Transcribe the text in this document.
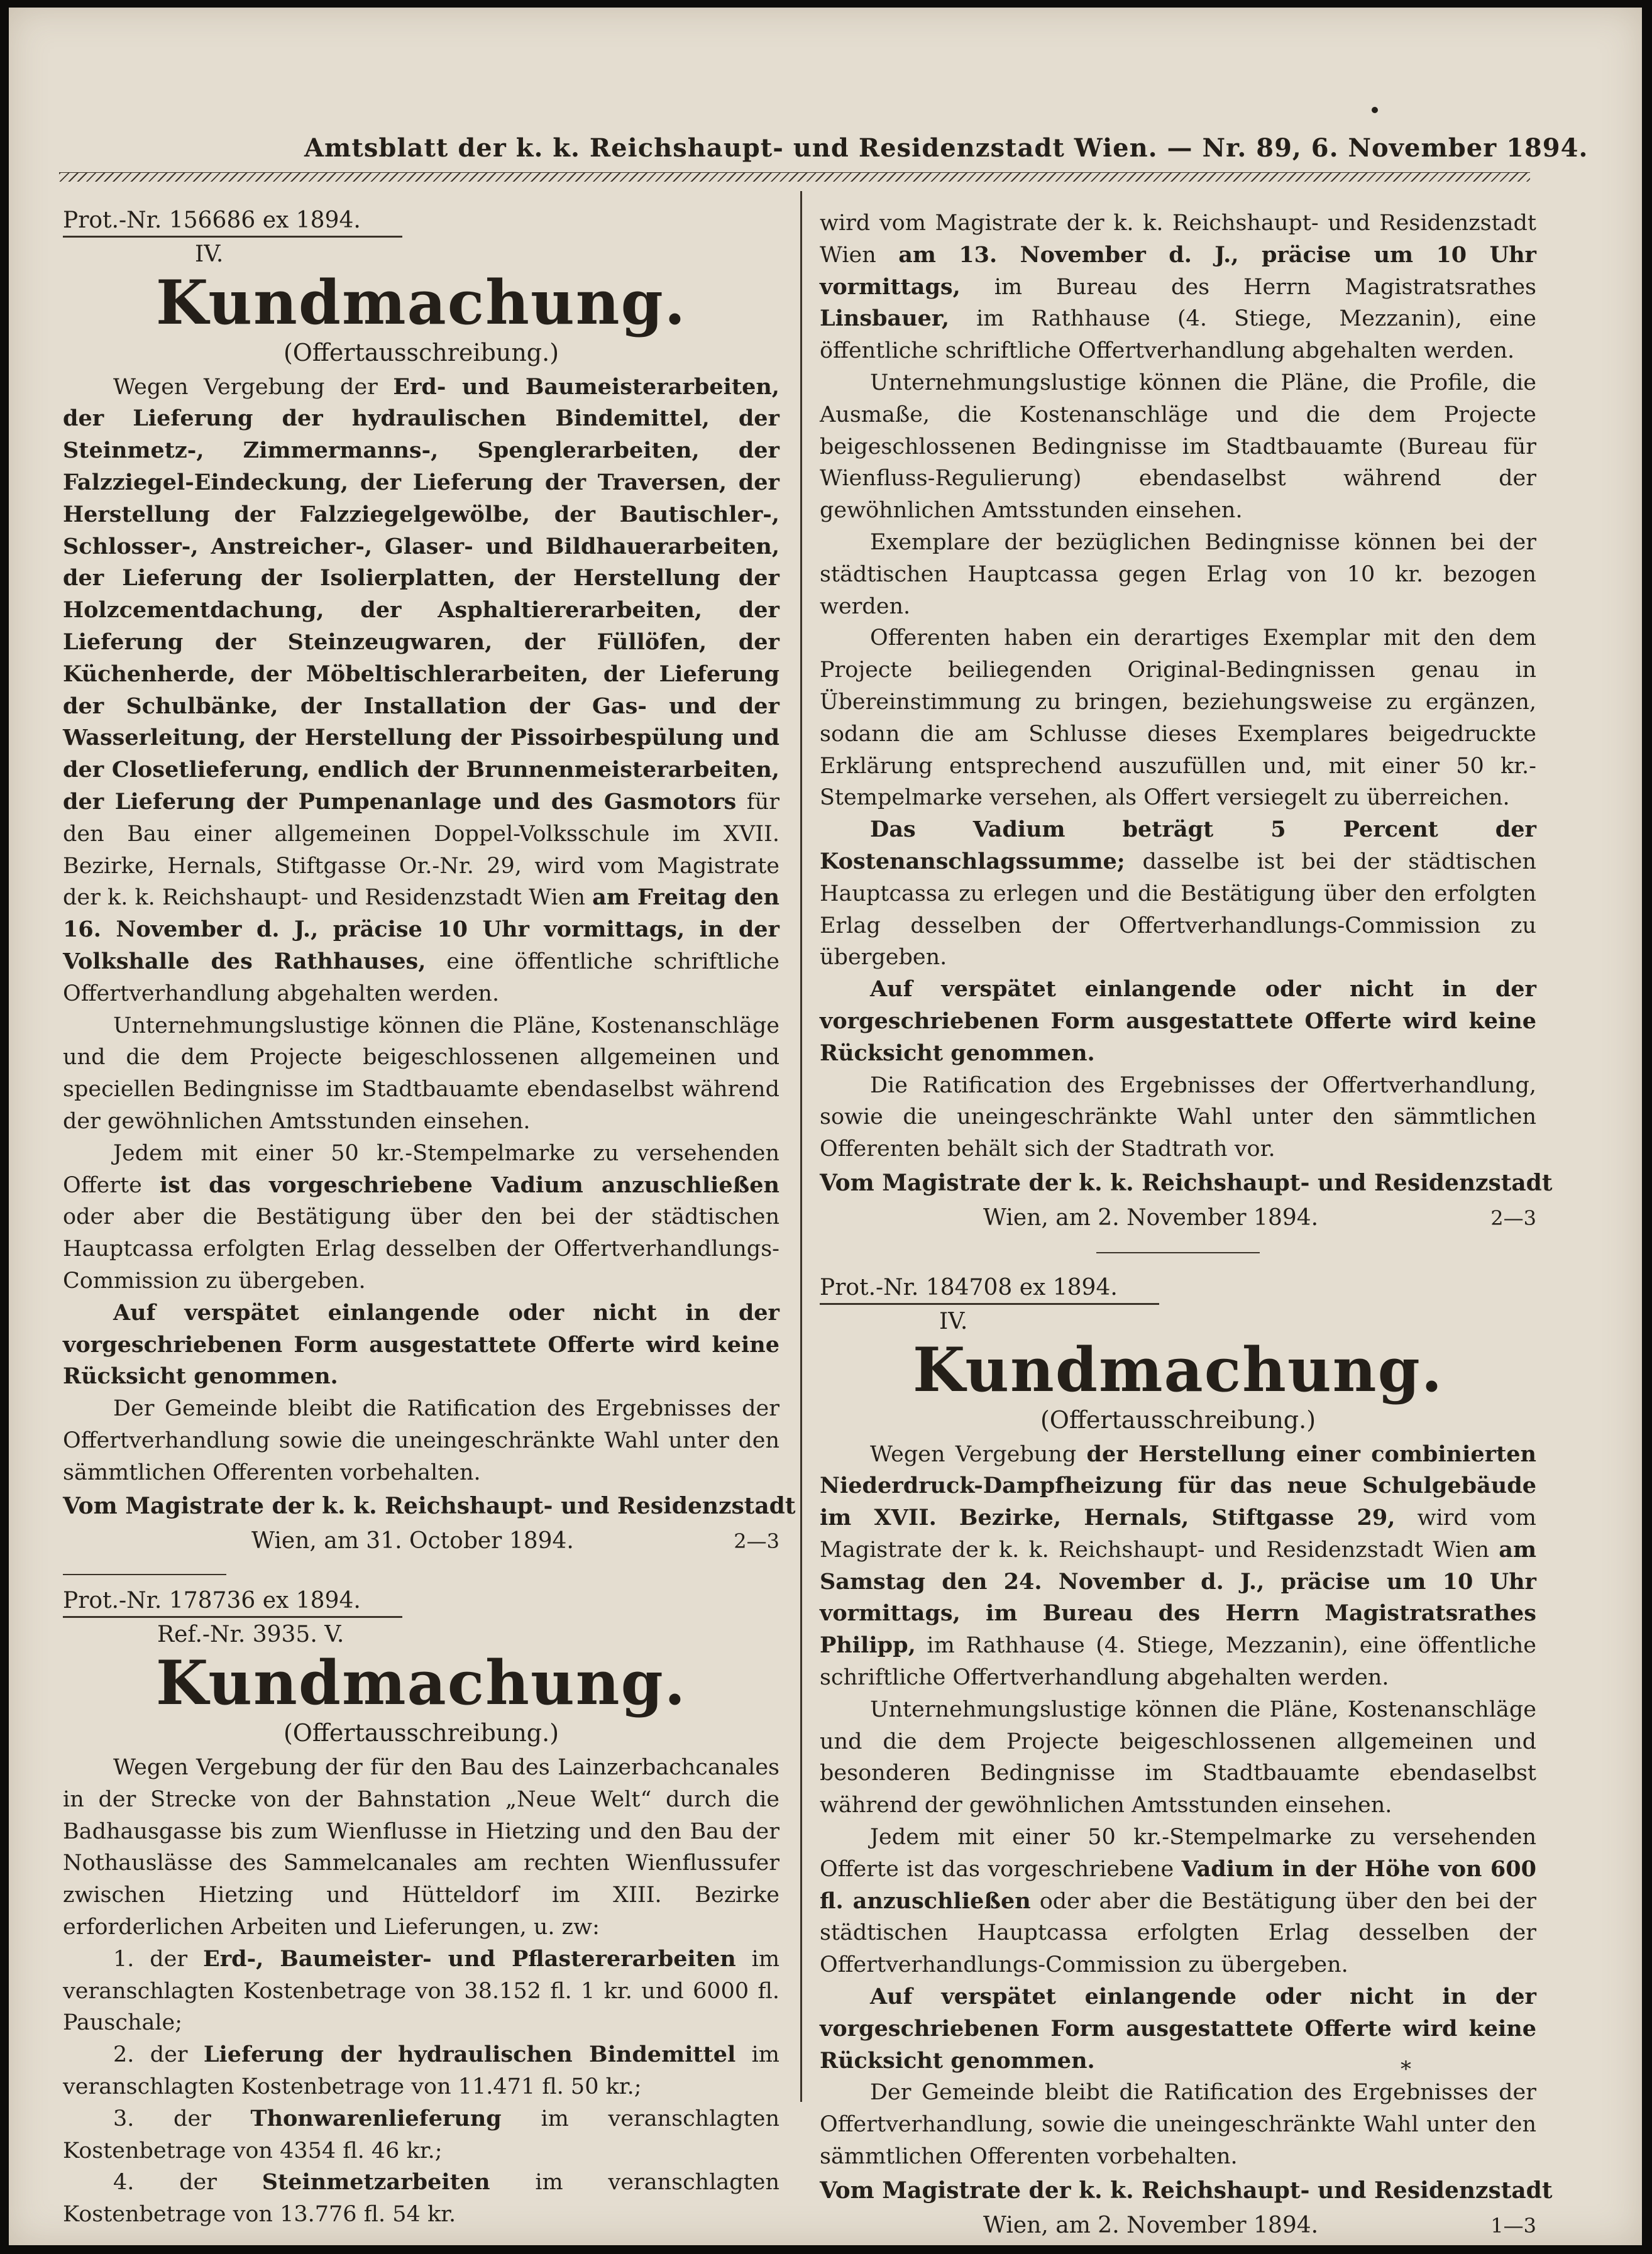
Amtsblatt der k. k. Reichshaupt- und Residenzstadt Wien. — Nr. 89, 6. November 1894.
Prot.-Nr. 156686 ex 1894.
IV.
Kundmachung.
(Offertausschreibung.)

Wegen Vergebung der Erd- und Baumeisterarbeiten, der Lieferung der hydraulischen Bindemittel, der Steinmetz-, Zimmermanns-, Spenglerarbeiten, der Falzziegel-Eindeckung, der Lieferung der Traversen, der Herstellung der Falzziegelgewölbe, der Bautischler-, Schlosser-, Anstreicher-, Glaser- und Bildhauerarbeiten, der Lieferung der Isolierplatten, der Herstellung der Holzcementdachung, der Asphaltiererarbeiten, der Lieferung der Steinzeugwaren, der Füllöfen, der Küchenherde, der Möbeltischlerarbeiten, der Lieferung der Schulbänke, der Installation der Gas- und der Wasserleitung, der Herstellung der Pissoirbespülung und der Closetlieferung, endlich der Brunnenmeisterarbeiten, der Lieferung der Pumpenanlage und des Gasmotors für den Bau einer allgemeinen Doppel-Volksschule im XVII. Bezirke, Hernals, Stiftgasse Or.-Nr. 29, wird vom Magistrate der k. k. Reichshaupt- und Residenzstadt Wien am Freitag den 16. November d. J., präcise 10 Uhr vormittags, in der Volkshalle des Rathhauses, eine öffentliche schriftliche Offertverhandlung abgehalten werden.

Unternehmungslustige können die Pläne, Kostenanschläge und die dem Projecte beigeschlossenen allgemeinen und speciellen Bedingnisse im Stadtbauamte ebendaselbst während der gewöhnlichen Amtsstunden einsehen.

Jedem mit einer 50 kr.-Stempelmarke zu versehenden Offerte ist das vorgeschriebene Vadium anzuschließen oder aber die Bestätigung über den bei der städtischen Hauptcassa erfolgten Erlag desselben der Offertverhandlungs-Commission zu übergeben.

Auf verspätet einlangende oder nicht in der vorgeschriebenen Form ausgestattete Offerte wird keine Rücksicht genommen.

Der Gemeinde bleibt die Ratification des Ergebnisses der Offertverhandlung sowie die uneingeschränkte Wahl unter den sämmtlichen Offerenten vorbehalten.

Vom Magistrate der k. k. Reichshaupt- und Residenzstadt
Wien, am 31. October 1894.	2—3
Prot.-Nr. 178736 ex 1894.
Ref.-Nr. 3935. V.
Kundmachung.
(Offertausschreibung.)

Wegen Vergebung der für den Bau des Lainzerbachcanales in der Strecke von der Bahnstation „Neue Welt“ durch die Badhausgasse bis zum Wienflusse in Hietzing und den Bau der Nothauslässe des Sammelcanales am rechten Wienflussufer zwischen Hietzing und Hütteldorf im XIII. Bezirke erforderlichen Arbeiten und Lieferungen, u. zw:

1. der Erd-, Baumeister- und Pflastererarbeiten im veranschlagten Kostenbetrage von 38.152 fl. 1 kr. und 6000 fl. Pauschale;

2. der Lieferung der hydraulischen Bindemittel im veranschlagten Kostenbetrage von 11.471 fl. 50 kr.;

3. der Thonwarenlieferung im veranschlagten Kostenbetrage von 4354 fl. 46 kr.;

4. der Steinmetzarbeiten im veranschlagten Kostenbetrage von 13.776 fl. 54 kr.

wird vom Magistrate der k. k. Reichshaupt- und Residenzstadt Wien am 13. November d. J., präcise um 10 Uhr vormittags, im Bureau des Herrn Magistratsrathes Linsbauer, im Rathhause (4. Stiege, Mezzanin), eine öffentliche schriftliche Offertverhandlung abgehalten werden.

Unternehmungslustige können die Pläne, die Profile, die Ausmaße, die Kostenanschläge und die dem Projecte beigeschlossenen Bedingnisse im Stadtbauamte (Bureau für Wienfluss-Regulierung) ebendaselbst während der gewöhnlichen Amtsstunden einsehen.

Exemplare der bezüglichen Bedingnisse können bei der städtischen Hauptcassa gegen Erlag von 10 kr. bezogen werden.

Offerenten haben ein derartiges Exemplar mit den dem Projecte beiliegenden Original-Bedingnissen genau in Übereinstimmung zu bringen, beziehungsweise zu ergänzen, sodann die am Schlusse dieses Exemplares beigedruckte Erklärung entsprechend auszufüllen und, mit einer 50 kr.-Stempelmarke versehen, als Offert versiegelt zu überreichen.

Das Vadium beträgt 5 Percent der Kostenanschlagssumme; dasselbe ist bei der städtischen Hauptcassa zu erlegen und die Bestätigung über den erfolgten Erlag desselben der Offertverhandlungs-Commission zu übergeben.

Auf verspätet einlangende oder nicht in der vorgeschriebenen Form ausgestattete Offerte wird keine Rücksicht genommen.

Die Ratification des Ergebnisses der Offertverhandlung, sowie die uneingeschränkte Wahl unter den sämmtlichen Offerenten behält sich der Stadtrath vor.

Vom Magistrate der k. k. Reichshaupt- und Residenzstadt
Wien, am 2. November 1894.	2—3
Prot.-Nr. 184708 ex 1894.
IV.
Kundmachung.
(Offertausschreibung.)

Wegen Vergebung der Herstellung einer combinierten Niederdruck-Dampfheizung für das neue Schulgebäude im XVII. Bezirke, Hernals, Stiftgasse 29, wird vom Magistrate der k. k. Reichshaupt- und Residenzstadt Wien am Samstag den 24. November d. J., präcise um 10 Uhr vormittags, im Bureau des Herrn Magistratsrathes Philipp, im Rathhause (4. Stiege, Mezzanin), eine öffentliche schriftliche Offertverhandlung abgehalten werden.

Unternehmungslustige können die Pläne, Kostenanschläge und die dem Projecte beigeschlossenen allgemeinen und besonderen Bedingnisse im Stadtbauamte ebendaselbst während der gewöhnlichen Amtsstunden einsehen.

Jedem mit einer 50 kr.-Stempelmarke zu versehenden Offerte ist das vorgeschriebene Vadium in der Höhe von 600 fl. anzuschließen oder aber die Bestätigung über den bei der städtischen Hauptcassa erfolgten Erlag desselben der Offertverhandlungs-Commission zu übergeben.

Auf verspätet einlangende oder nicht in der vorgeschriebenen Form ausgestattete Offerte wird keine Rücksicht genommen.

Der Gemeinde bleibt die Ratification des Ergebnisses der Offertverhandlung, sowie die uneingeschränkte Wahl unter den sämmtlichen Offerenten vorbehalten.

Vom Magistrate der k. k. Reichshaupt- und Residenzstadt
Wien, am 2. November 1894.	1—3
*
